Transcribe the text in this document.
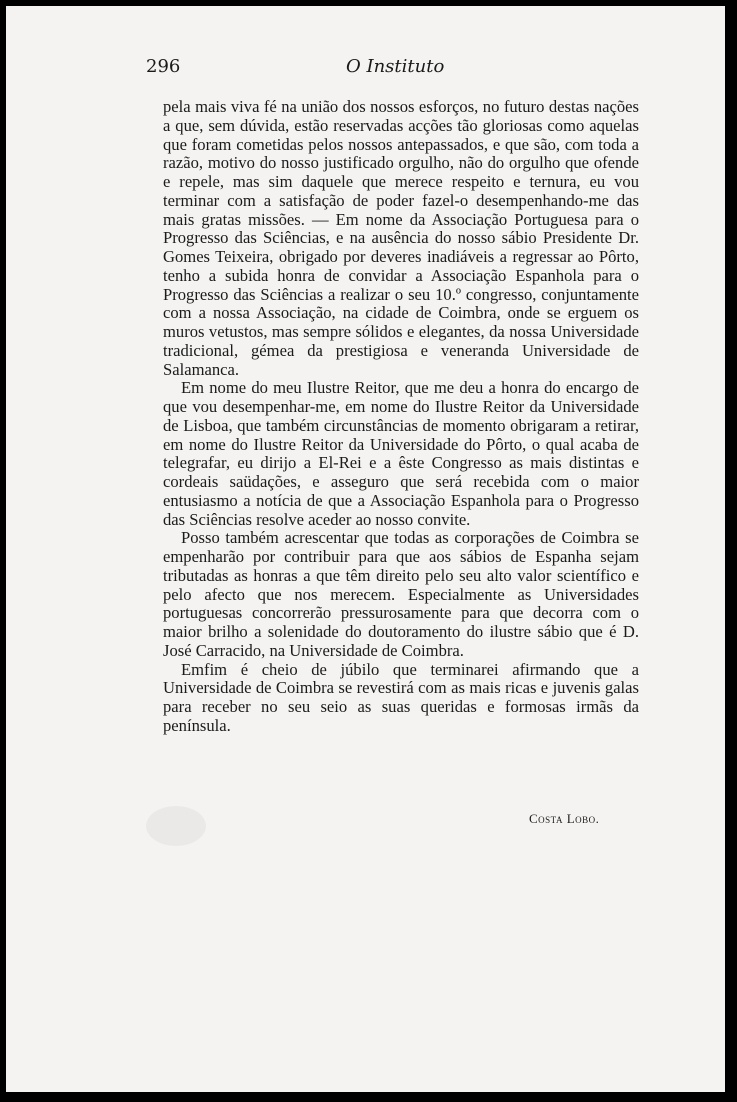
296	O Instituto

pela mais viva fé na união dos nossos esforços, no futuro destas nações a que, sem dúvida, estão reservadas acções tão gloriosas como aquelas que foram cometidas pelos nossos antepassados, e que são, com toda a razão, motivo do nosso justificado orgulho, não do orgulho que ofende e repele, mas sim daquele que merece respeito e ternura, eu vou terminar com a satisfação de poder fazel-o desempenhando-me das mais gratas missões. — Em nome da Associação Portuguesa para o Progresso das Sciências, e na ausência do nosso sábio Presidente Dr. Gomes Teixeira, obrigado por deveres inadiáveis a regressar ao Pôrto, tenho a subida honra de convidar a Associação Espanhola para o Progresso das Sciências a realizar o seu 10.º congresso, conjuntamente com a nossa Associação, na cidade de Coimbra, onde se erguem os muros vetustos, mas sempre sólidos e elegantes, da nossa Universidade tradicional, gémea da prestigiosa e veneranda Universidade de Salamanca.

Em nome do meu Ilustre Reitor, que me deu a honra do encargo de que vou desempenhar-me, em nome do Ilustre Reitor da Universidade de Lisboa, que também circunstâncias de momento obrigaram a retirar, em nome do Ilustre Reitor da Universidade do Pôrto, o qual acaba de telegrafar, eu dirijo a El-Rei e a êste Congresso as mais distintas e cordeais saüdações, e asseguro que será recebida com o maior entusiasmo a notícia de que a Associação Espanhola para o Progresso das Sciências resolve aceder ao nosso convite.

Posso também acrescentar que todas as corporações de Coimbra se empenharão por contribuir para que aos sábios de Espanha sejam tributadas as honras a que têm direito pelo seu alto valor scientífico e pelo afecto que nos merecem. Especialmente as Universidades portuguesas concorrerão pressurosamente para que decorra com o maior brilho a solenidade do doutoramento do ilustre sábio que é D. José Carracido, na Universidade de Coimbra.

Emfim é cheio de júbilo que terminarei afirmando que a Universidade de Coimbra se revestirá com as mais ricas e juvenis galas para receber no seu seio as suas queridas e formosas irmãs da península.

Costa Lobo.
